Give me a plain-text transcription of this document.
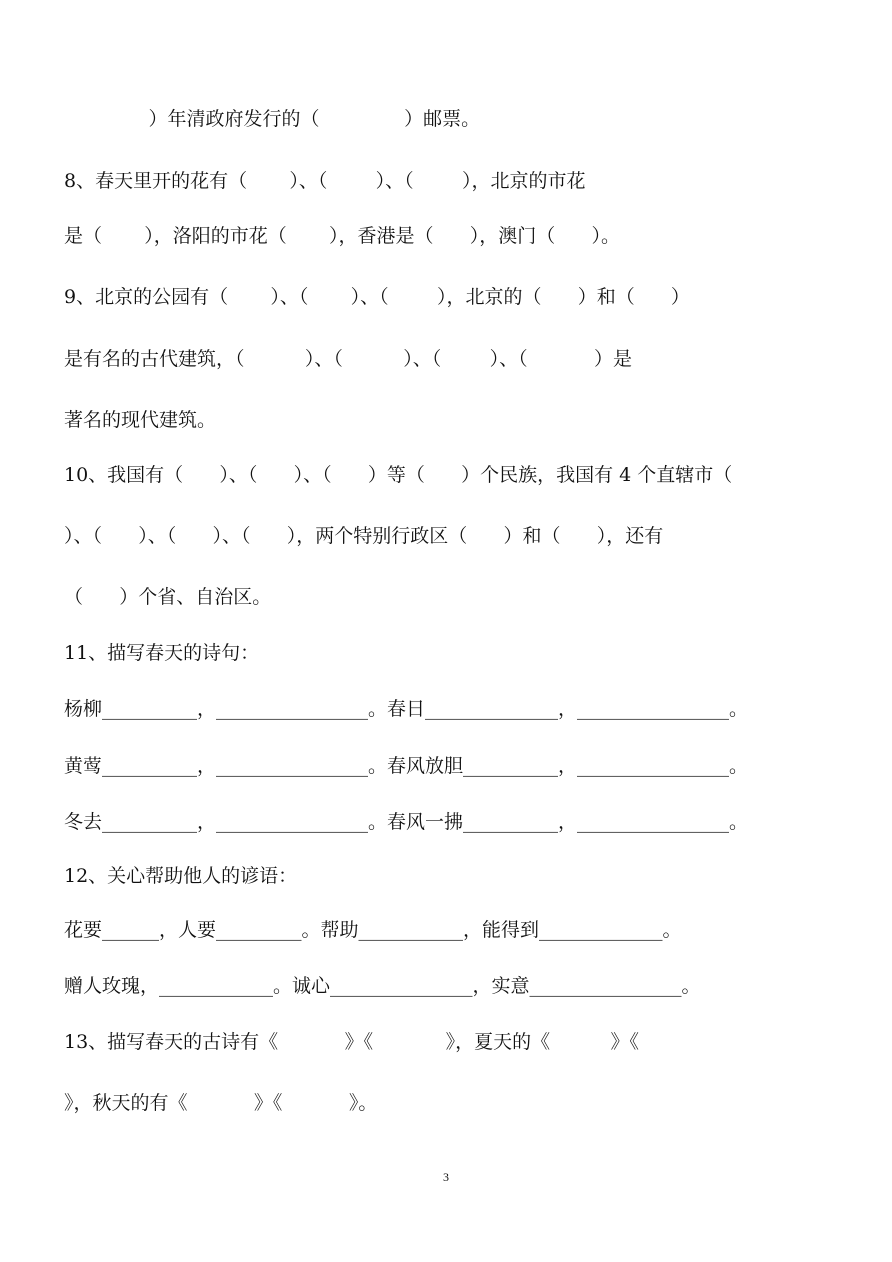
）年清政府发行的（              ）邮票。
8、春天里开的花有（       ）、（        ）、（        ），北京的市花
是（       ），洛阳的市花（       ），香港是（      ），澳门（      ）。
9、北京的公园有（       ）、（       ）、（        ），北京的（      ）和（      ）
是有名的古代建筑，（          ）、（          ）、（        ）、（           ）是
著名的现代建筑。
10、我国有（      ）、（      ）、（      ）等（      ）个民族，我国有 4 个直辖市（
）、（      ）、（      ）、（      ），两个特别行政区（      ）和（      ），还有
（      ）个省、自治区。
11、描写春天的诗句：
杨柳__________，________________。春日______________，________________。
黄莺__________，________________。春风放胆__________，________________。
冬去__________，________________。春风一拂__________，________________。
12、关心帮助他人的谚语：
花要______，人要_________。帮助___________，能得到_____________。
赠人玫瑰，____________。诚心_______________，实意________________。
13、描写春天的古诗有《           》《            》，夏天的《          》《
》，秋天的有《           》《           》。
3
